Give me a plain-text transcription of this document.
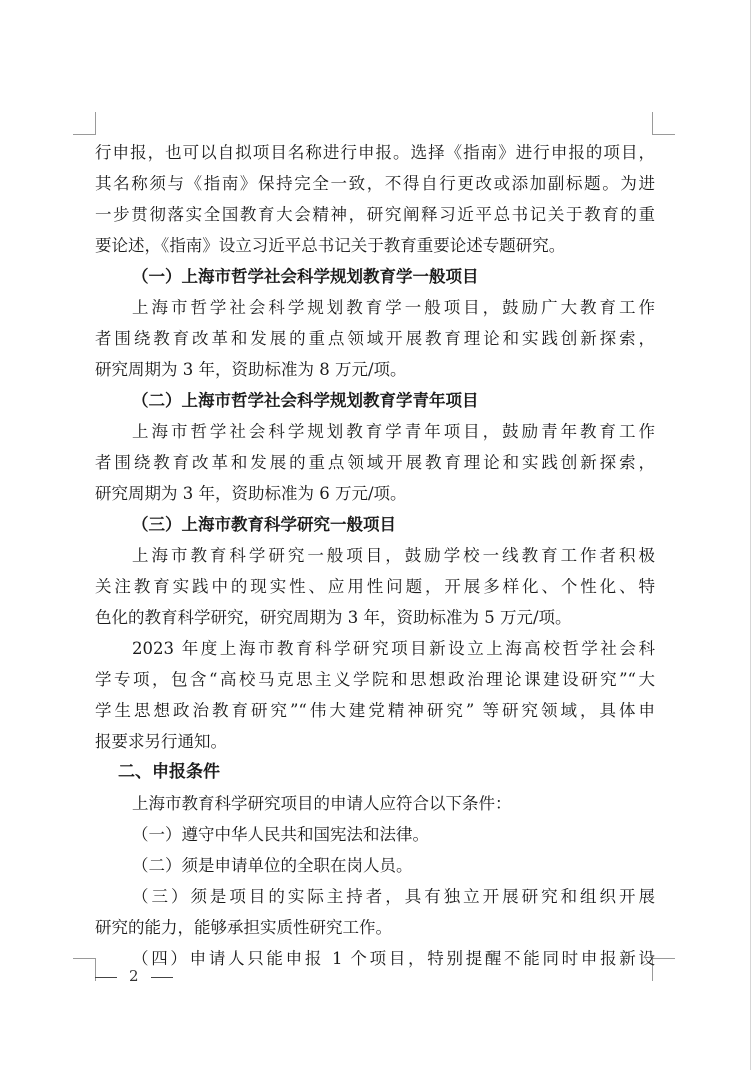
行申报，也可以自拟项目名称进行申报。选择《指南》进行申报的项目，
其名称须与《指南》保持完全一致，不得自行更改或添加副标题。为进
一步贯彻落实全国教育大会精神，研究阐释习近平总书记关于教育的重
要论述，《指南》设立习近平总书记关于教育重要论述专题研究。
（一）上海市哲学社会科学规划教育学一般项目
上海市哲学社会科学规划教育学一般项目，鼓励广大教育工作
者围绕教育改革和发展的重点领域开展教育理论和实践创新探索，
研究周期为 3 年，资助标准为 8 万元/项。
（二）上海市哲学社会科学规划教育学青年项目
上海市哲学社会科学规划教育学青年项目，鼓励青年教育工作
者围绕教育改革和发展的重点领域开展教育理论和实践创新探索，
研究周期为 3 年，资助标准为 6 万元/项。
（三）上海市教育科学研究一般项目
上海市教育科学研究一般项目，鼓励学校一线教育工作者积极
关注教育实践中的现实性、应用性问题，开展多样化、个性化、特
色化的教育科学研究，研究周期为 3 年，资助标准为 5 万元/项。
2023 年度上海市教育科学研究项目新设立上海高校哲学社会科
学专项，包含“高校马克思主义学院和思想政治理论课建设研究”“大
学生思想政治教育研究”“伟大建党精神研究” 等研究领域，具体申
报要求另行通知。
二、申报条件
上海市教育科学研究项目的申请人应符合以下条件：
（一）遵守中华人民共和国宪法和法律。
（二）须是申请单位的全职在岗人员。
（三）须是项目的实际主持者，具有独立开展研究和组织开展
研究的能力，能够承担实质性研究工作。
（四）申请人只能申报 1 个项目，特别提醒不能同时申报新设
2
